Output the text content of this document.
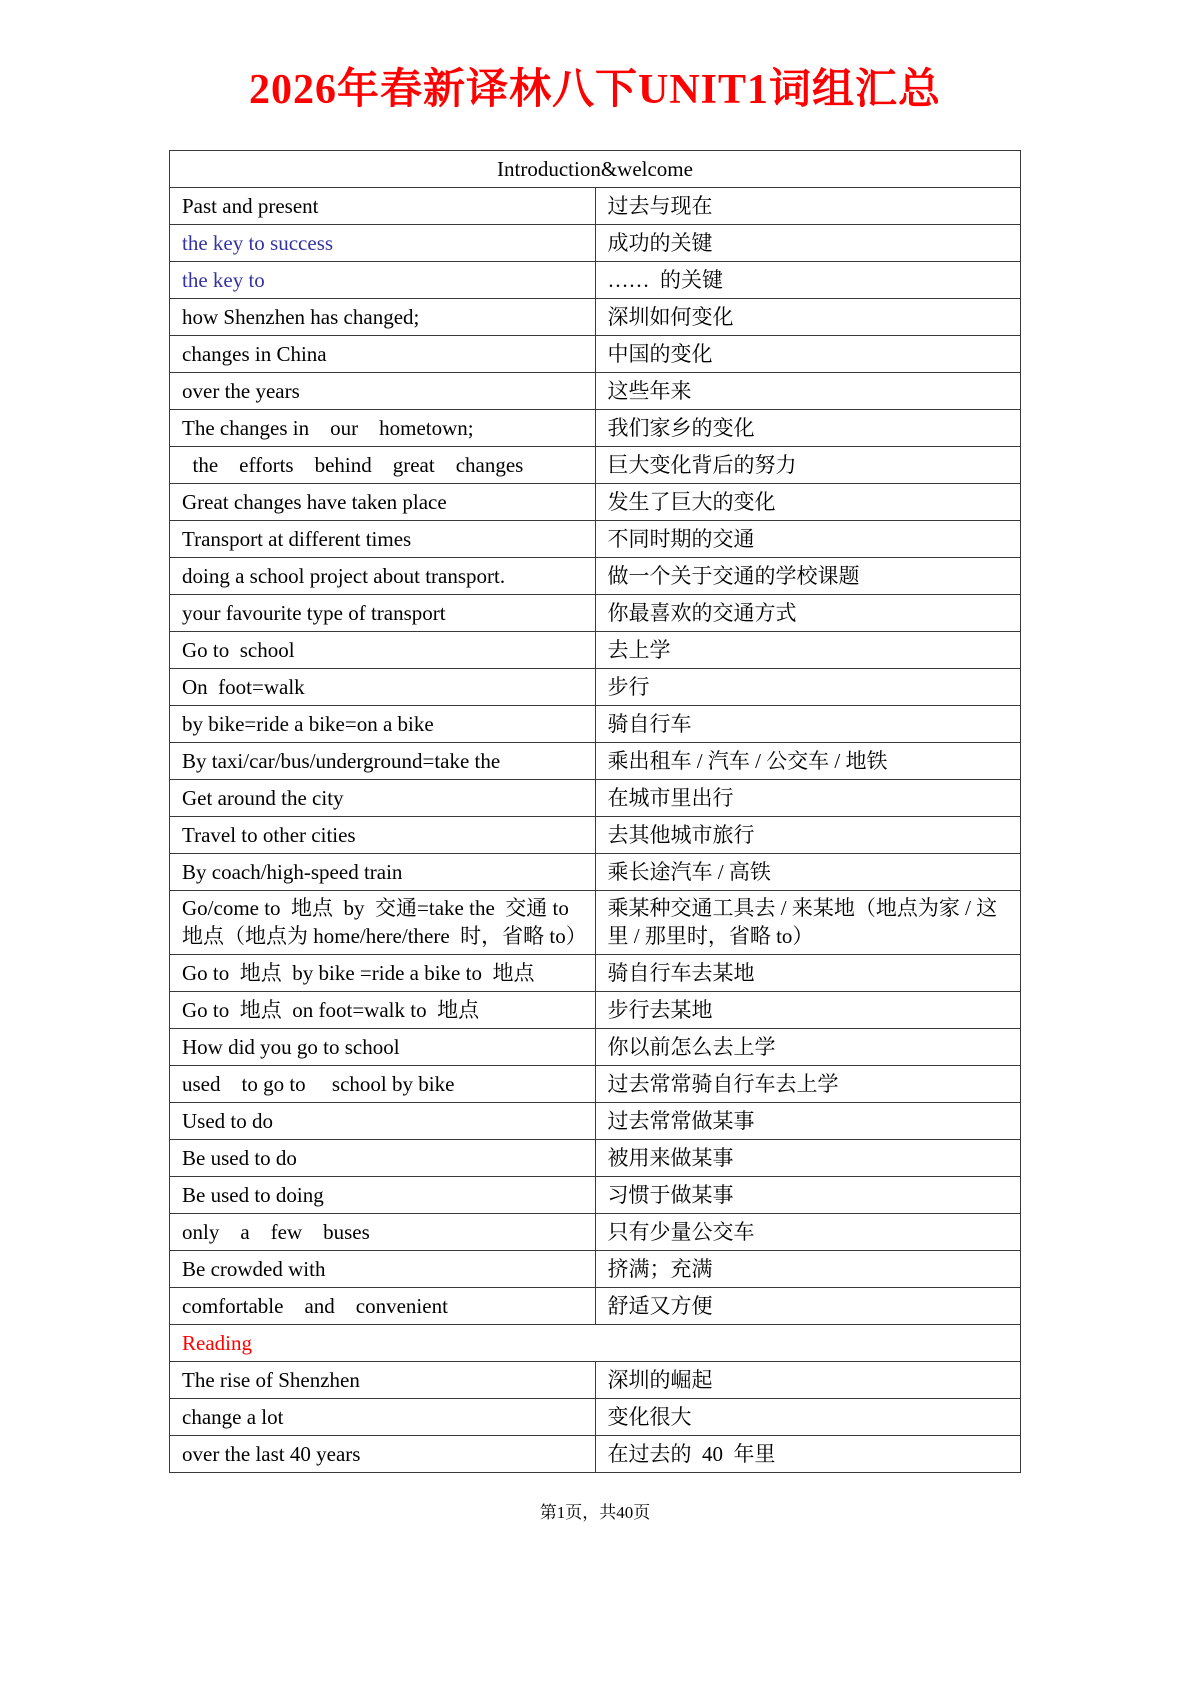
2026年春新译林八下UNIT1词组汇总
Introduction&welcome	
Past and present	过去与现在
the key to success	成功的关键
the key to	……  的关键
how Shenzhen has changed;	深圳如何变化
changes in China	中国的变化
over the years	这些年来
The changes in    our    hometown;	我们家乡的变化
the    efforts    behind    great    changes	巨大变化背后的努力
Great changes have taken place	发生了巨大的变化
Transport at different times	不同时期的交通
doing a school project about transport.	做一个关于交通的学校课题
your favourite type of transport	你最喜欢的交通方式
Go to  school	去上学
On  foot=walk	步行
by bike=ride a bike=on a bike	骑自行车
By taxi/car/bus/underground=take the	乘出租车 / 汽车 / 公交车 / 地铁
Get around the city	在城市里出行
Travel to other cities	去其他城市旅行
By coach/high-speed train	乘长途汽车 / 高铁
Go/come to  地点  by  交通=take the  交通 to  地点（地点为 home/here/there  时，省略 to）	乘某种交通工具去 / 来某地（地点为家 / 这里 / 那里时，省略 to）
Go to  地点  by bike =ride a bike to  地点	骑自行车去某地
Go to  地点  on foot=walk to  地点	步行去某地
How did you go to school	你以前怎么去上学
used    to go to     school by bike	过去常常骑自行车去上学
Used to do	过去常常做某事
Be used to do	被用来做某事
Be used to doing	习惯于做某事
only    a    few    buses	只有少量公交车
Be crowded with	挤满；充满
comfortable    and    convenient	舒适又方便
Reading	
The rise of Shenzhen	深圳的崛起
change a lot	变化很大
over the last 40 years	在过去的  40  年里
第1页，共40页
